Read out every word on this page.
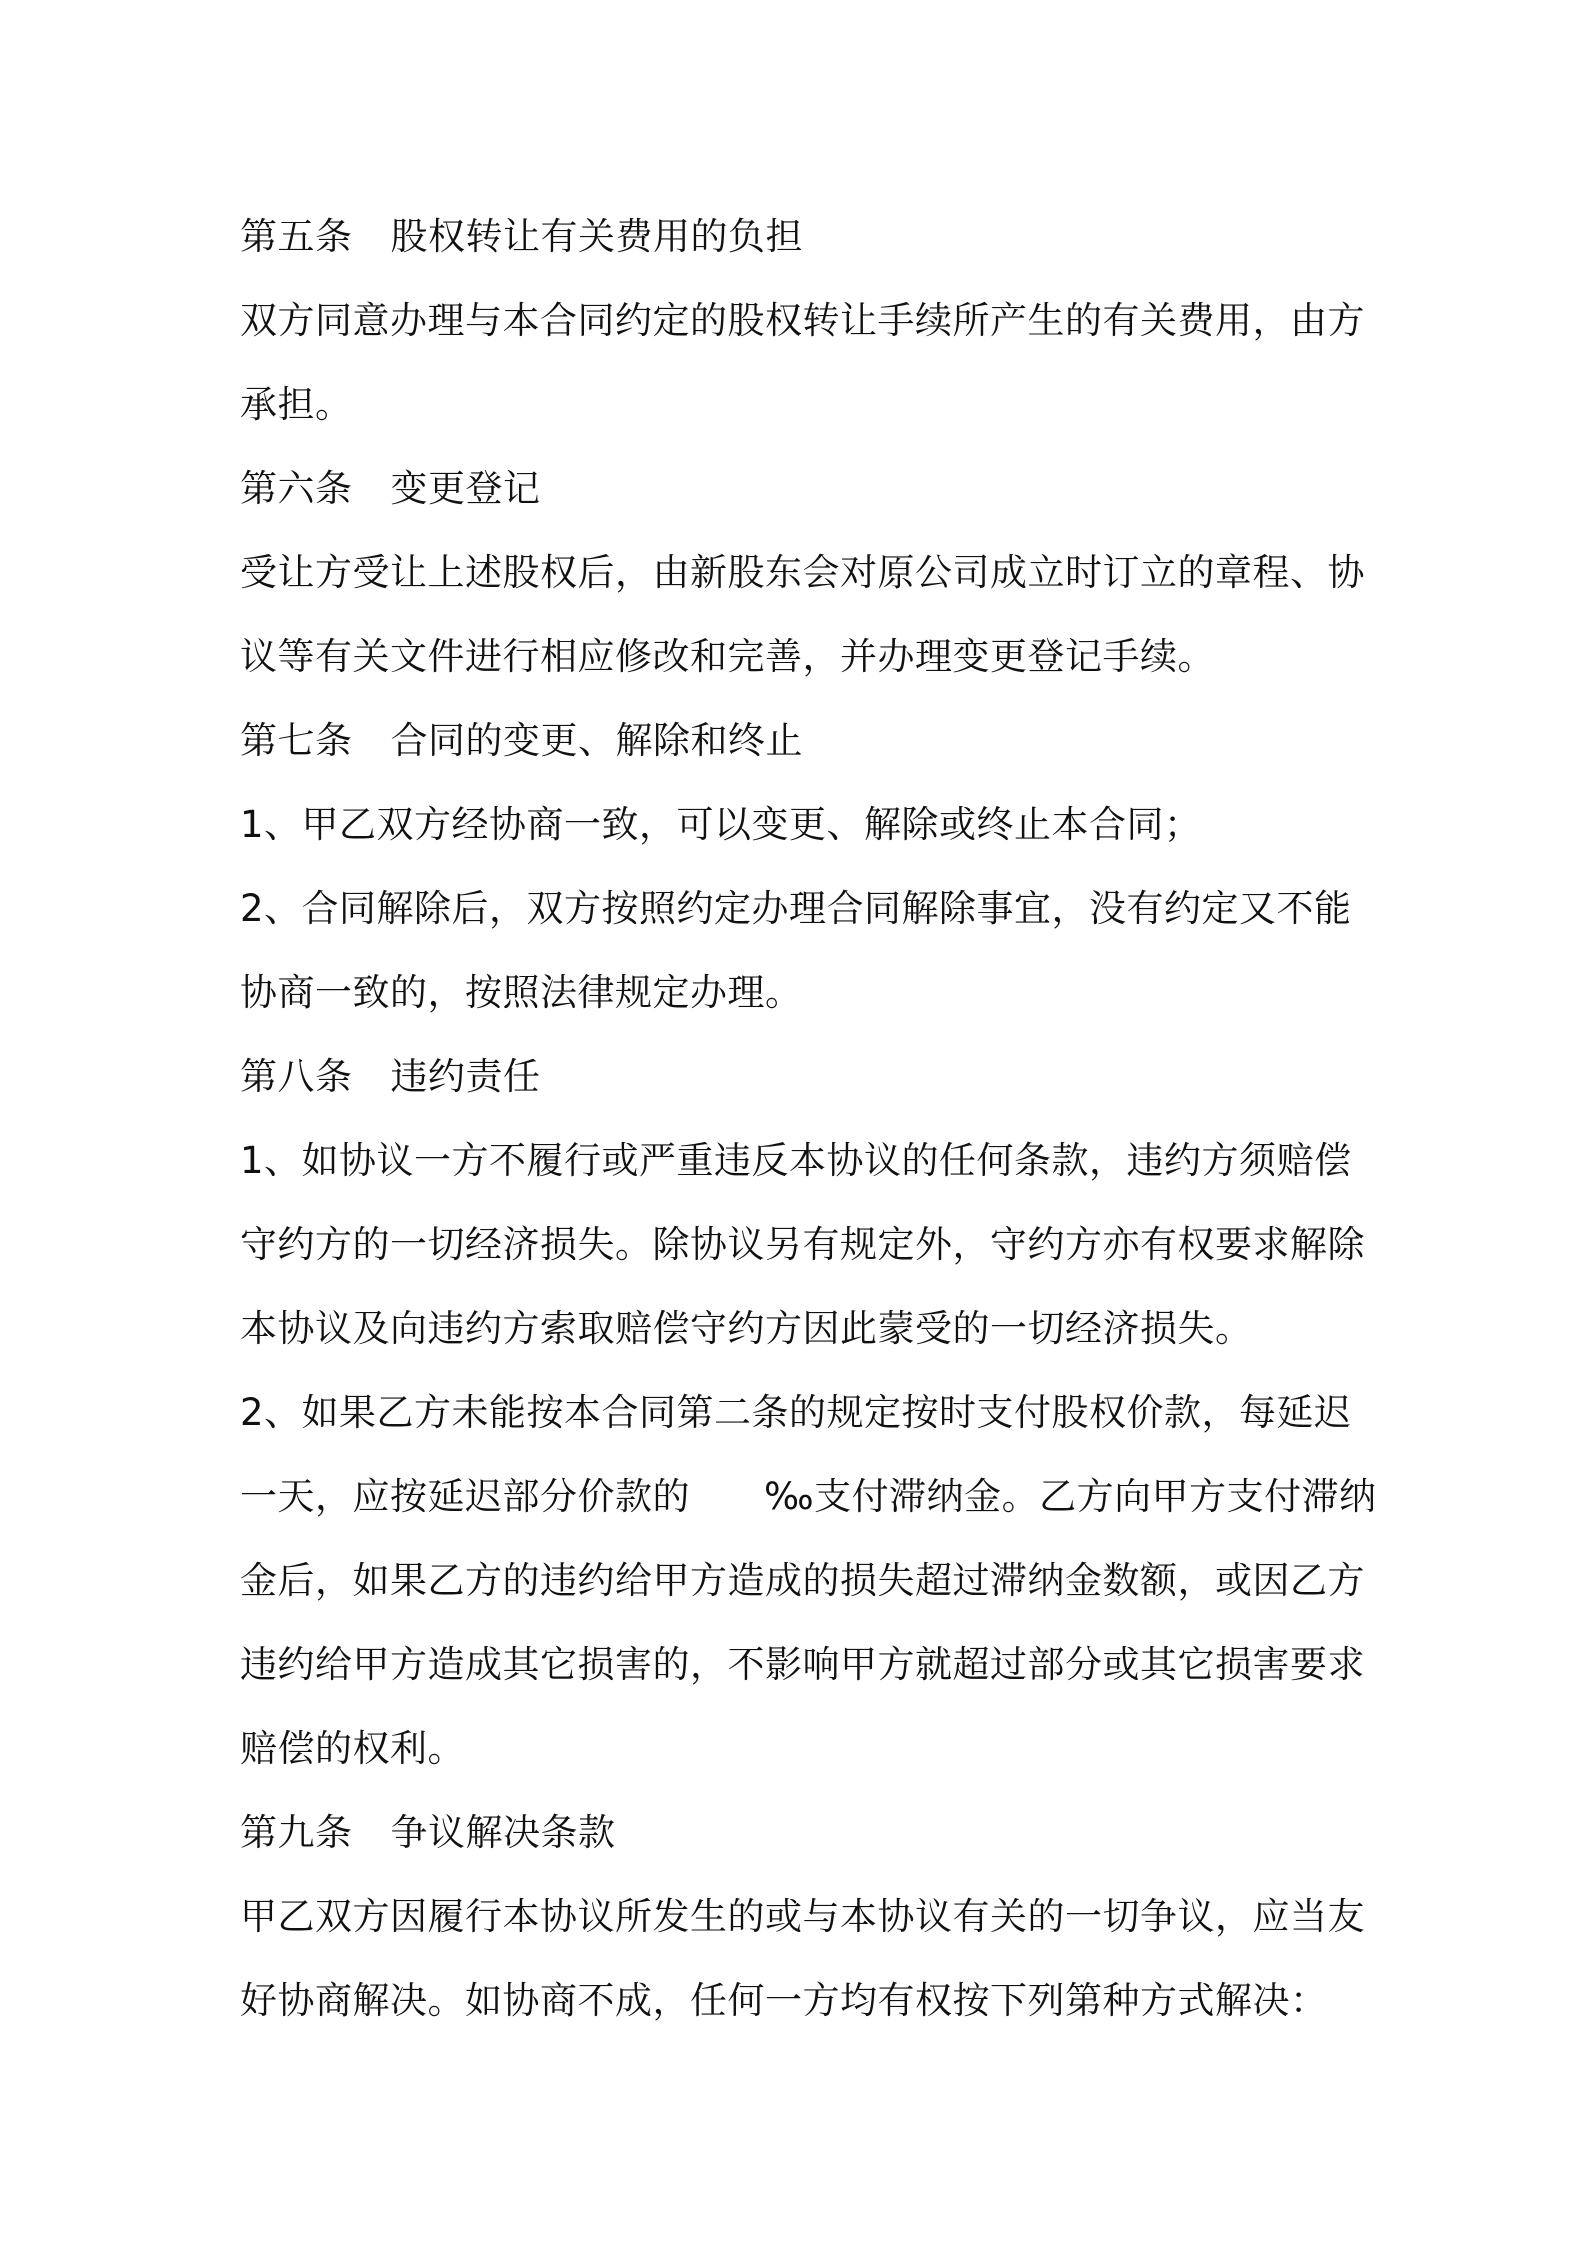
第五条 股权转让有关费用的负担
双方同意办理与本合同约定的股权转让手续所产生的有关费用，由方
承担。
第六条 变更登记
受让方受让上述股权后，由新股东会对原公司成立时订立的章程、协
议等有关文件进行相应修改和完善，并办理变更登记手续。
第七条 合同的变更、解除和终止
1、甲乙双方经协商一致，可以变更、解除或终止本合同；
2、合同解除后，双方按照约定办理合同解除事宜，没有约定又不能
协商一致的，按照法律规定办理。
第八条 违约责任
1、如协议一方不履行或严重违反本协议的任何条款，违约方须赔偿
守约方的一切经济损失。除协议另有规定外，守约方亦有权要求解除
本协议及向违约方索取赔偿守约方因此蒙受的一切经济损失。
2、如果乙方未能按本合同第二条的规定按时支付股权价款，每延迟
一天，应按延迟部分价款的 ‰支付滞纳金。乙方向甲方支付滞纳
金后，如果乙方的违约给甲方造成的损失超过滞纳金数额，或因乙方
违约给甲方造成其它损害的，不影响甲方就超过部分或其它损害要求
赔偿的权利。
第九条 争议解决条款
甲乙双方因履行本协议所发生的或与本协议有关的一切争议，应当友
好协商解决。如协商不成，任何一方均有权按下列第种方式解决：
